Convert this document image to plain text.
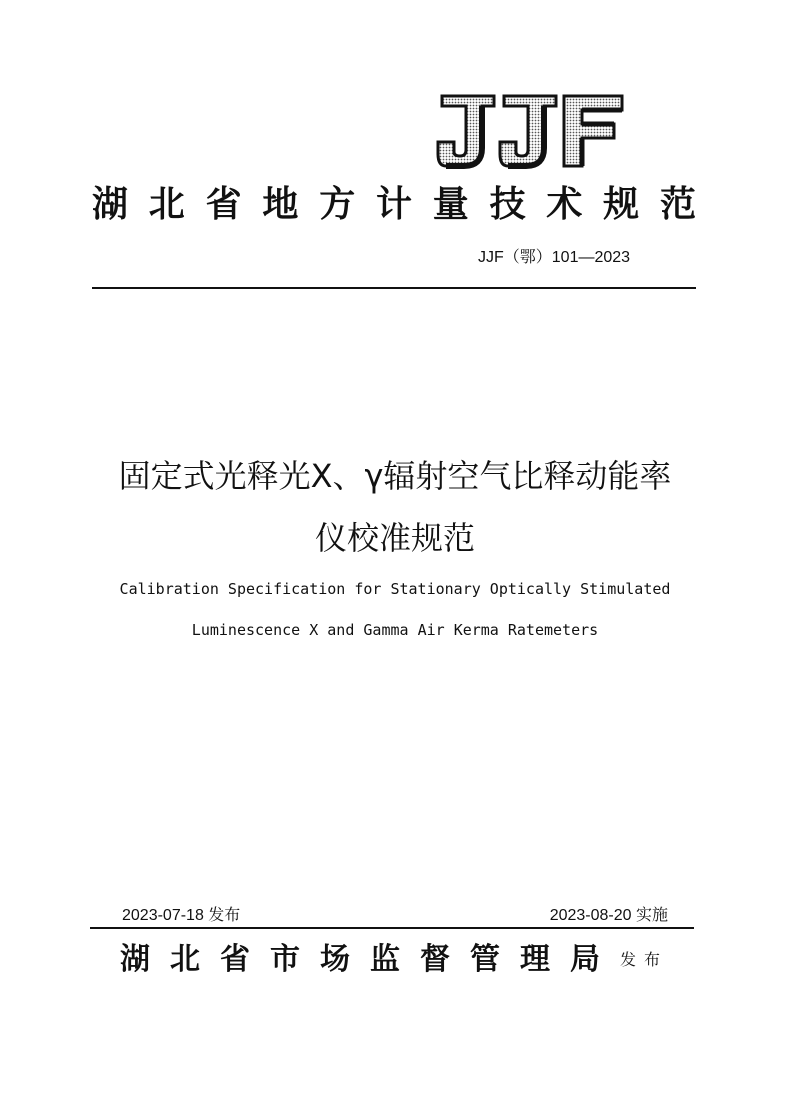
湖北省地方计量技术规范
JJF（鄂）101—2023
固定式光释光X、γ辐射空气比释动能率
仪校准规范
Calibration Specification for Stationary Optically Stimulated
Luminescence X and Gamma Air Kerma Ratemeters
2023-07-18 发布	2023-08-20 实施
湖北省市场监督管理局 发布
